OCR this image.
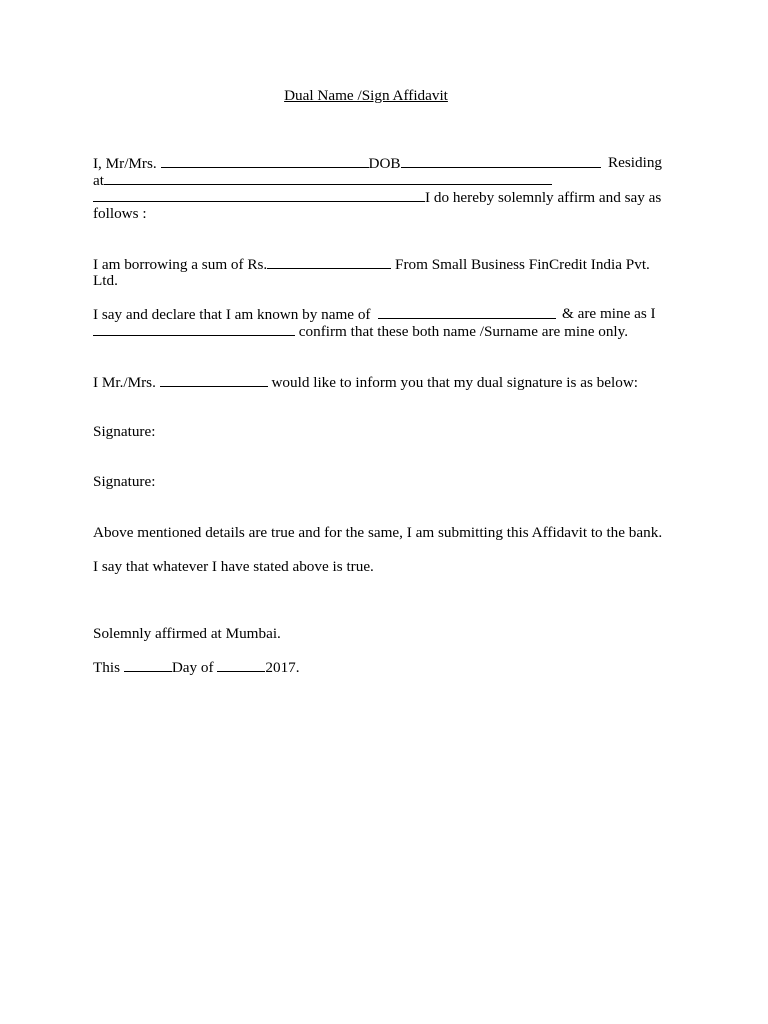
Dual Name /Sign Affidavit
I, Mr/Mrs.	DOB	Residing
at
I do hereby solemnly affirm and say as
follows :
I am borrowing a sum of Rs.	From Small Business FinCredit India Pvt.
Ltd.
I say and declare that I am known by name of	& are mine as I
confirm that these both name /Surname are mine only.
I Mr./Mrs.	would like to inform you that my dual signature is as below:
Signature:
Signature:
Above mentioned details are true and for the same, I am submitting this Affidavit to the bank.
I say that whatever I have stated above is true.
Solemnly affirmed at Mumbai.
This	Day of	2017.
